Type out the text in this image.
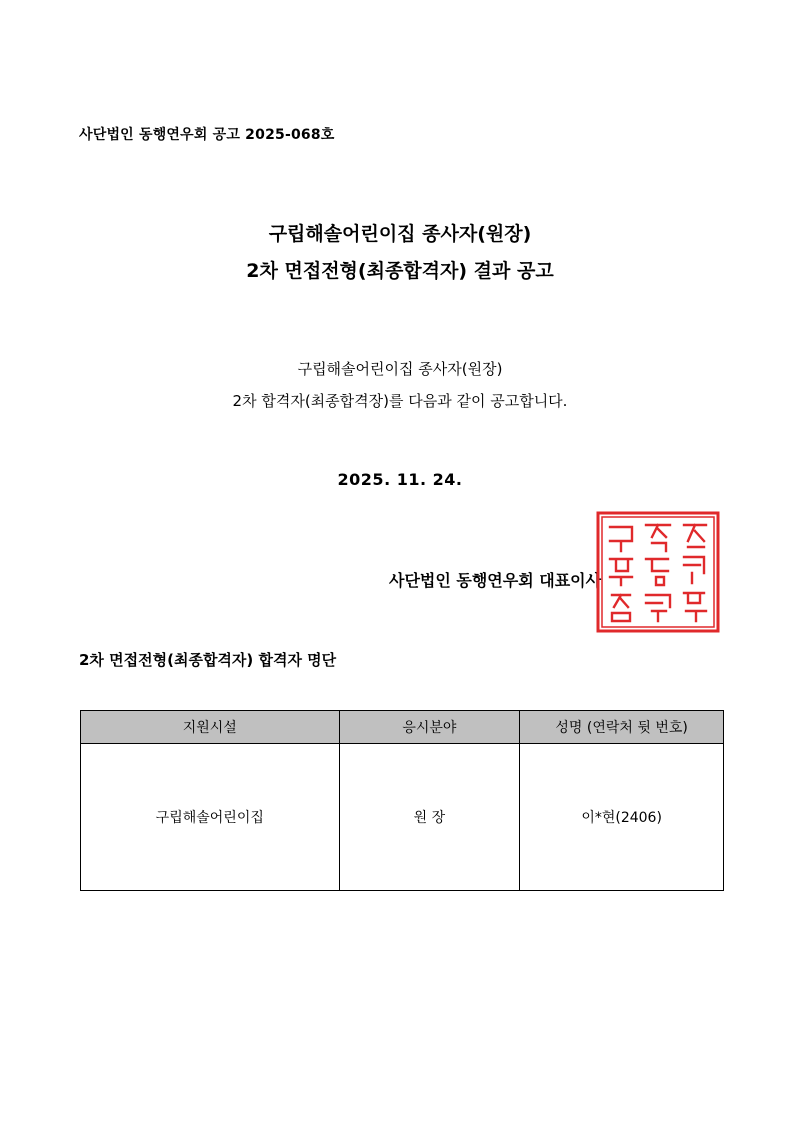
사단법인 동행연우회 공고 2025-068호
구립해솔어린이집 종사자(원장)
2차 면접전형(최종합격자) 결과 공고
구립해솔어린이집 종사자(원장)
2차 합격자(최종합격장)를 다음과 같이 공고합니다.
2025. 11. 24.
사단법인 동행연우회 대표이사
2차 면접전형(최종합격자) 합격자 명단
지원시설	응시분야	성명 (연락처 뒷 번호)
구립해솔어린이집	원 장	이*현(2406)
